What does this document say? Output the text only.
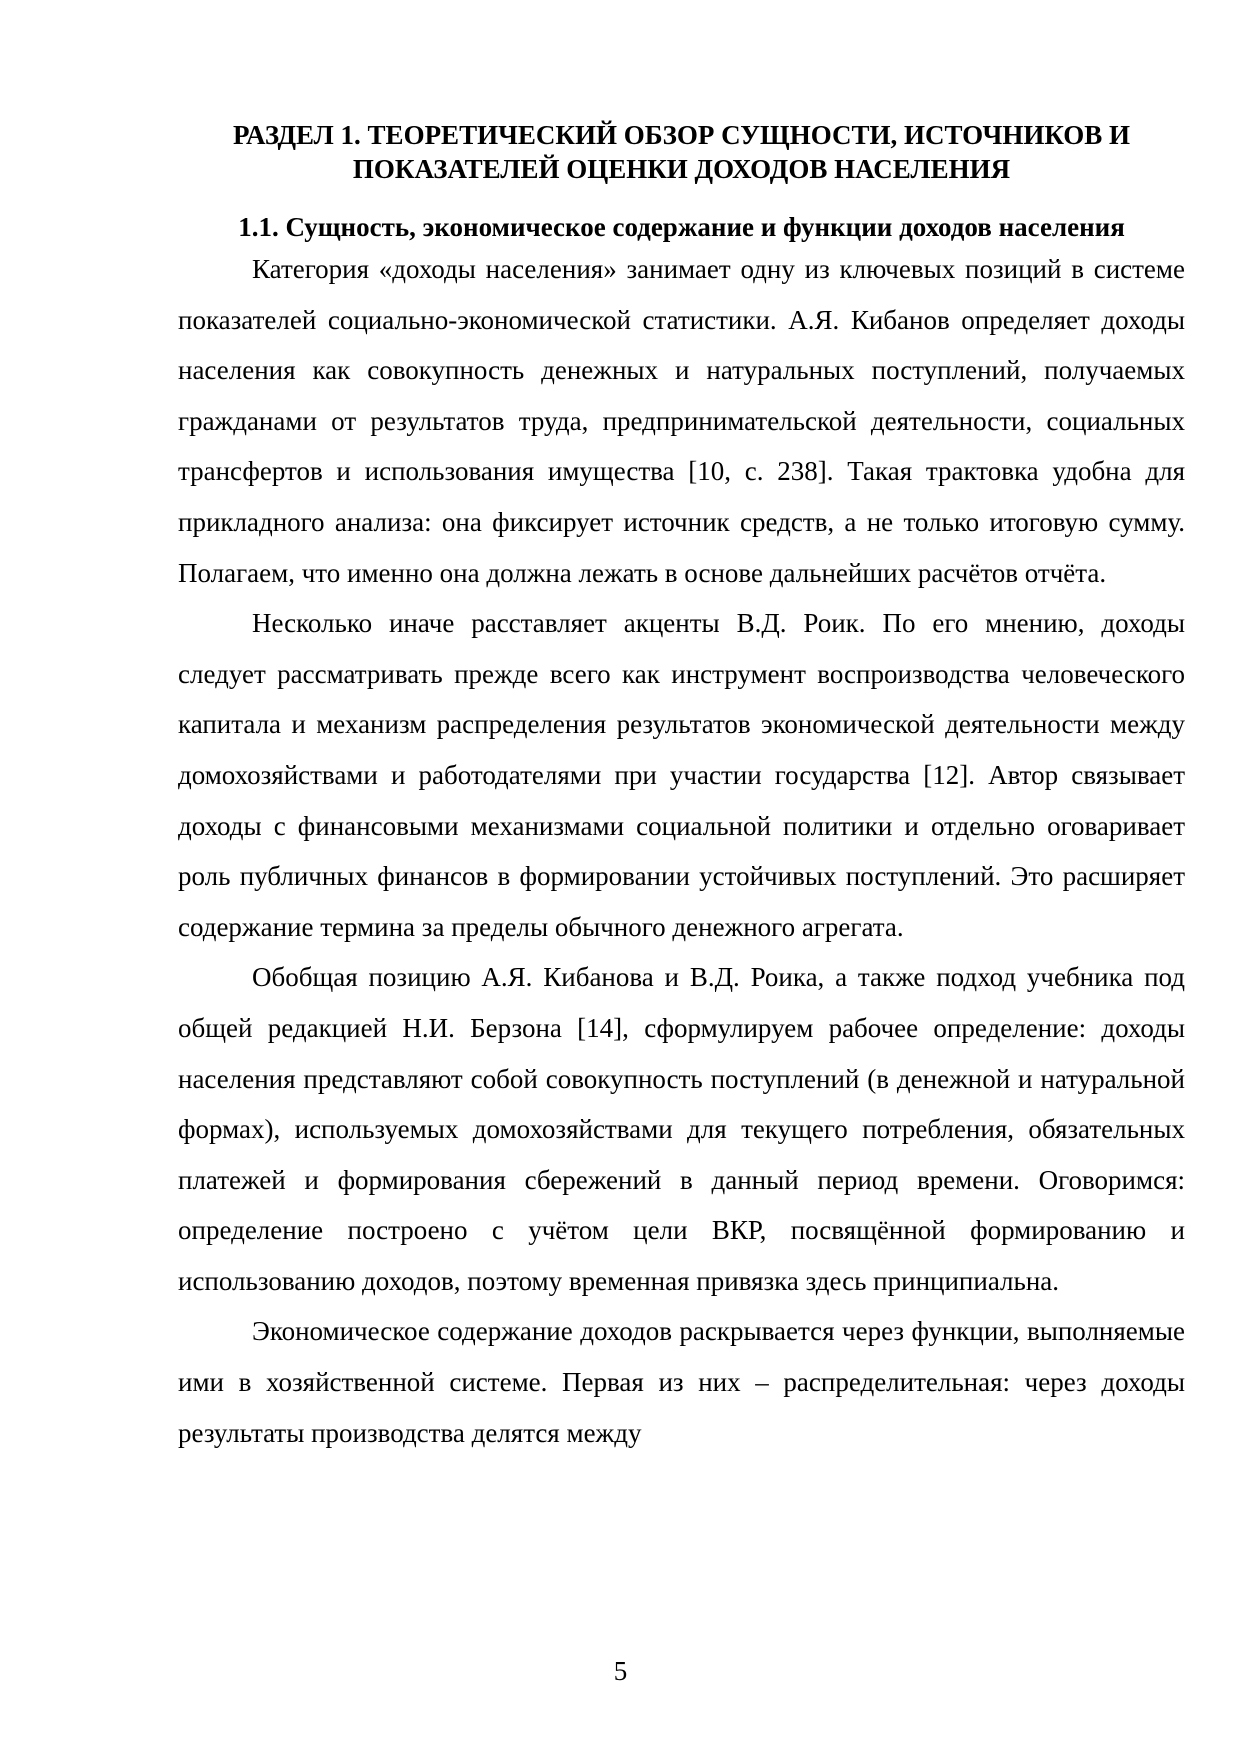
РАЗДЕЛ 1. ТЕОРЕТИЧЕСКИЙ ОБЗОР СУЩНОСТИ, ИСТОЧНИКОВ И
ПОКАЗАТЕЛЕЙ ОЦЕНКИ ДОХОДОВ НАСЕЛЕНИЯ
1.1. Сущность, экономическое содержание и функции доходов населения

Категория «доходы населения» занимает одну из ключевых позиций в системе показателей социально-экономической статистики. А.Я. Кибанов определяет доходы населения как совокупность денежных и натуральных поступлений, получаемых гражданами от результатов труда, предпринимательской деятельности, социальных трансфертов и использования имущества [10, с. 238]. Такая трактовка удобна для прикладного анализа: она фиксирует источник средств, а не только итоговую сумму. Полагаем, что именно она должна лежать в основе дальнейших расчётов отчёта.

Несколько иначе расставляет акценты В.Д. Роик. По его мнению, доходы следует рассматривать прежде всего как инструмент воспроизводства человеческого капитала и механизм распределения результатов экономической деятельности между домохозяйствами и работодателями при участии государства [12]. Автор связывает доходы с финансовыми механизмами социальной политики и отдельно оговаривает роль публичных финансов в формировании устойчивых поступлений. Это расширяет содержание термина за пределы обычного денежного агрегата.

Обобщая позицию А.Я. Кибанова и В.Д. Роика, а также подход учебника под общей редакцией Н.И. Берзона [14], сформулируем рабочее определение: доходы населения представляют собой совокупность поступлений (в денежной и натуральной формах), используемых домохозяйствами для текущего потребления, обязательных платежей и формирования сбережений в данный период времени. Оговоримся: определение построено с учётом цели ВКР, посвящённой формированию и использованию доходов, поэтому временная привязка здесь принципиальна.

Экономическое содержание доходов раскрывается через функции, выполняемые ими в хозяйственной системе. Первая из них – распределительная: через доходы результаты производства делятся между

5
